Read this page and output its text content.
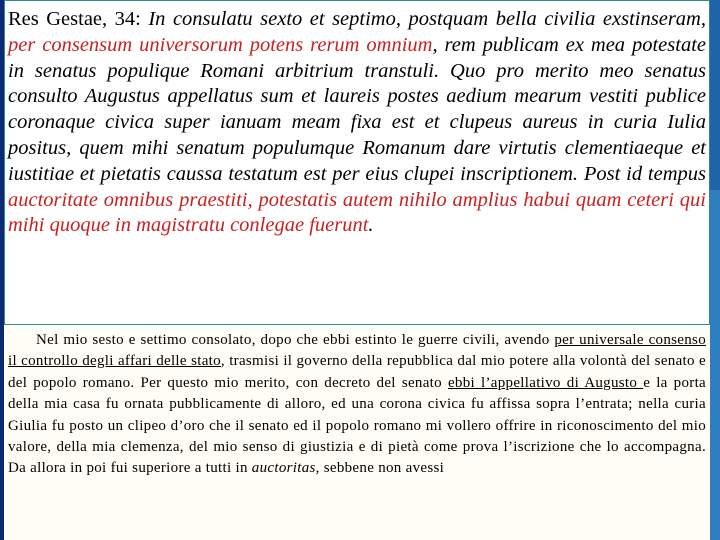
Res Gestae, 34: In consulatu sexto et septimo, postquam bella civilia exstinseram, per consensum universorum potens rerum omnium, rem publicam ex mea potestate in senatus populique Romani arbitrium transtuli. Quo pro merito meo senatus consulto Augustus appellatus sum et laureis postes aedium mearum vestiti publice coronaque civica super ianuam meam fixa est et clupeus aureus in curia Iulia positus, quem mihi senatum populumque Romanum dare virtutis clementiaeque et iustitiae et pietatis caussa testatum est per eius clupei inscriptionem. Post id tempus auctoritate omnibus praestiti, potestatis autem nihilo amplius habui quam ceteri qui mihi quoque in magistratu conlegae fuerunt.
Nel mio sesto e settimo consolato, dopo che ebbi estinto le guerre civili, avendo per universale consenso il controllo degli affari delle stato, trasmisi il governo della repubblica dal mio potere alla volontà del senato e del popolo romano. Per questo mio merito, con decreto del senato ebbi l’appellativo di Augusto e la porta della mia casa fu ornata pubblicamente di alloro, ed una corona civica fu affissa sopra l’entrata; nella curia Giulia fu posto un clipeo d’oro che il senato ed il popolo romano mi vollero offrire in riconoscimento del mio valore, della mia clemenza, del mio senso di giustizia e di pietà come prova l’iscrizione che lo accompagna. Da allora in poi fui superiore a tutti in auctoritas, sebbene non avessi
